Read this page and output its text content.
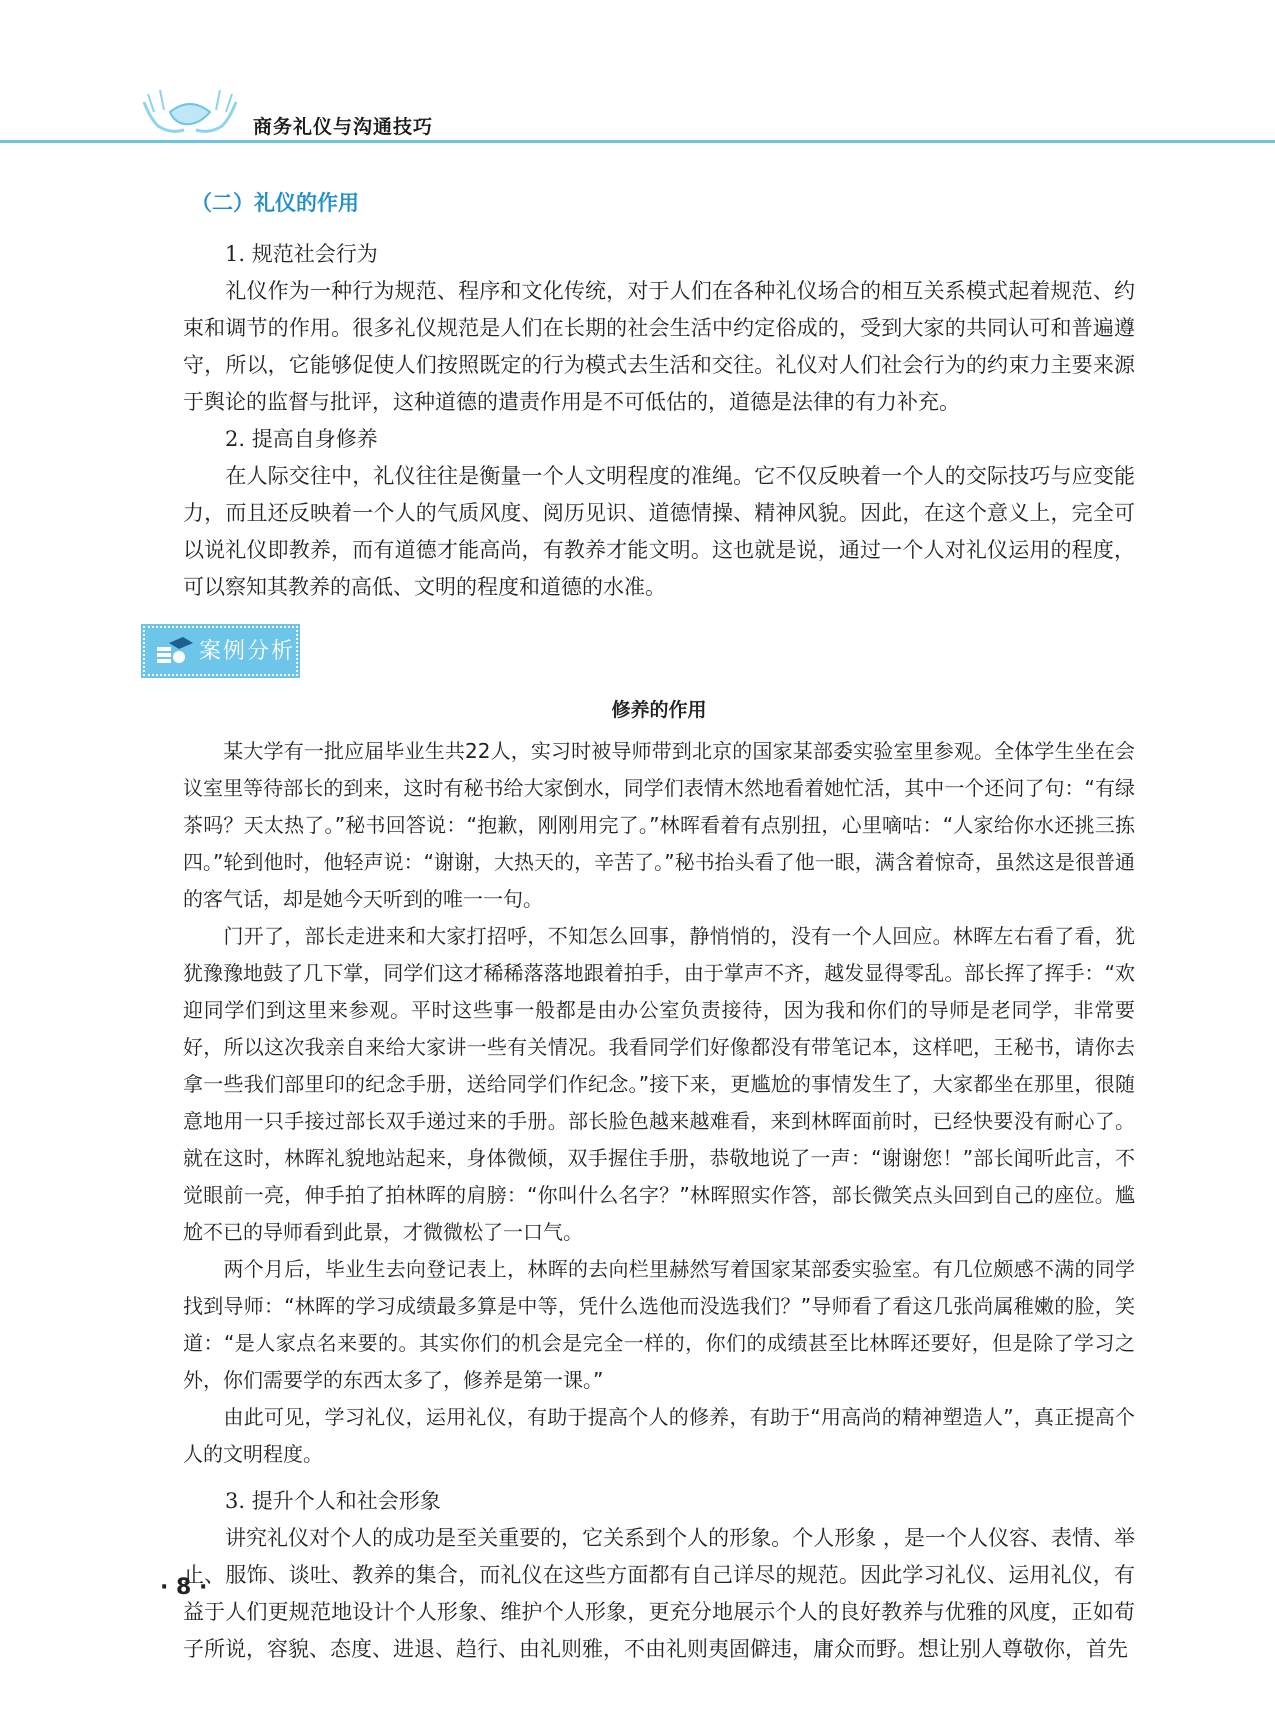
商务礼仪与沟通技巧
（二）礼仪的作用
　　1. 规范社会行为

　　礼仪作为一种行为规范、程序和文化传统，对于人们在各种礼仪场合的相互关系模式起着规范、约束和调节的作用。很多礼仪规范是人们在长期的社会生活中约定俗成的，受到大家的共同认可和普遍遵守，所以，它能够促使人们按照既定的行为模式去生活和交往。礼仪对人们社会行为的约束力主要来源于舆论的监督与批评，这种道德的遣责作用是不可低估的，道德是法律的有力补充。

　　2. 提高自身修养

　　在人际交往中，礼仪往往是衡量一个人文明程度的准绳。它不仅反映着一个人的交际技巧与应变能力，而且还反映着一个人的气质风度、阅历见识、道德情操、精神风貌。因此，在这个意义上，完全可以说礼仪即教养，而有道德才能高尚，有教养才能文明。这也就是说，通过一个人对礼仪运用的程度，可以察知其教养的高低、文明的程度和道德的水准。

案例分析
修养的作用

　　某大学有一批应届毕业生共22人，实习时被导师带到北京的国家某部委实验室里参观。全体学生坐在会议室里等待部长的到来，这时有秘书给大家倒水，同学们表情木然地看着她忙活，其中一个还问了句：“有绿茶吗？天太热了。”秘书回答说：“抱歉，刚刚用完了。”林晖看着有点别扭，心里嘀咕：“人家给你水还挑三拣四。”轮到他时，他轻声说：“谢谢，大热天的，辛苦了。”秘书抬头看了他一眼，满含着惊奇，虽然这是很普通的客气话，却是她今天听到的唯一一句。

　　门开了，部长走进来和大家打招呼，不知怎么回事，静悄悄的，没有一个人回应。林晖左右看了看，犹犹豫豫地鼓了几下掌，同学们这才稀稀落落地跟着拍手，由于掌声不齐，越发显得零乱。部长挥了挥手：“欢迎同学们到这里来参观。平时这些事一般都是由办公室负责接待，因为我和你们的导师是老同学，非常要好，所以这次我亲自来给大家讲一些有关情况。我看同学们好像都没有带笔记本，这样吧，王秘书，请你去拿一些我们部里印的纪念手册，送给同学们作纪念。”接下来，更尴尬的事情发生了，大家都坐在那里，很随意地用一只手接过部长双手递过来的手册。部长脸色越来越难看，来到林晖面前时，已经快要没有耐心了。就在这时，林晖礼貌地站起来，身体微倾，双手握住手册，恭敬地说了一声：“谢谢您！”部长闻听此言，不觉眼前一亮，伸手拍了拍林晖的肩膀：“你叫什么名字？”林晖照实作答，部长微笑点头回到自己的座位。尴尬不已的导师看到此景，才微微松了一口气。

　　两个月后，毕业生去向登记表上，林晖的去向栏里赫然写着国家某部委实验室。有几位颇感不满的同学找到导师：“林晖的学习成绩最多算是中等，凭什么选他而没选我们？”导师看了看这几张尚属稚嫩的脸，笑道：“是人家点名来要的。其实你们的机会是完全一样的，你们的成绩甚至比林晖还要好，但是除了学习之外，你们需要学的东西太多了，修养是第一课。”

　　由此可见，学习礼仪，运用礼仪，有助于提高个人的修养，有助于“用高尚的精神塑造人”，真正提高个人的文明程度。

　　3. 提升个人和社会形象

　　讲究礼仪对个人的成功是至关重要的，它关系到个人的形象。个人形象 ，是一个人仪容、表情、举止、服饰、谈吐、教养的集合，而礼仪在这些方面都有自己详尽的规范。因此学习礼仪、运用礼仪，有益于人们更规范地设计个人形象、维护个人形象，更充分地展示个人的良好教养与优雅的风度，正如荀子所说，容貌、态度、进退、趋行、由礼则雅，不由礼则夷固僻违，庸众而野。想让别人尊敬你，首先

· 8 ·
